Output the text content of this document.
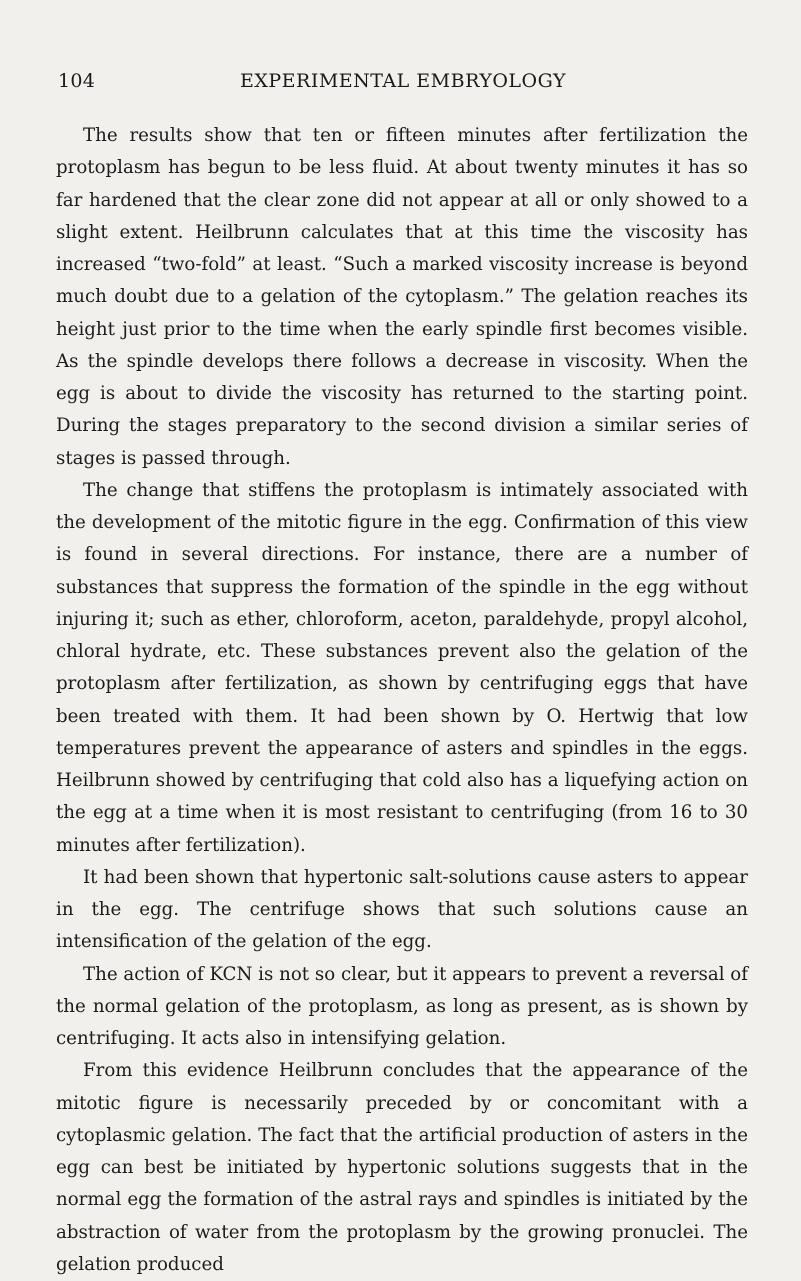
104	EXPERIMENTAL EMBRYOLOGY

The results show that ten or fifteen minutes after fertilization the protoplasm has begun to be less fluid. At about twenty minutes it has so far hardened that the clear zone did not appear at all or only showed to a slight extent. Heilbrunn calculates that at this time the viscosity has increased “two-fold” at least. “Such a marked viscosity increase is beyond much doubt due to a gelation of the cytoplasm.” The gelation reaches its height just prior to the time when the early spindle first becomes visible. As the spindle develops there follows a decrease in viscosity. When the egg is about to divide the viscosity has returned to the starting point. During the stages preparatory to the second division a similar series of stages is passed through.

The change that stiffens the protoplasm is intimately associated with the development of the mitotic figure in the egg. Confirmation of this view is found in several directions. For instance, there are a number of substances that suppress the formation of the spindle in the egg without injuring it; such as ether, chloroform, aceton, paraldehyde, propyl alcohol, chloral hydrate, etc. These substances prevent also the gelation of the protoplasm after fertilization, as shown by centrifuging eggs that have been treated with them. It had been shown by O. Hertwig that low temperatures prevent the appearance of asters and spindles in the eggs. Heilbrunn showed by centrifuging that cold also has a liquefying action on the egg at a time when it is most resistant to centrifuging (from 16 to 30 minutes after fertilization).

It had been shown that hypertonic salt-solutions cause asters to appear in the egg. The centrifuge shows that such solutions cause an intensification of the gelation of the egg.

The action of KCN is not so clear, but it appears to prevent a reversal of the normal gelation of the protoplasm, as long as present, as is shown by centrifuging. It acts also in intensifying gelation.

From this evidence Heilbrunn concludes that the appearance of the mitotic figure is necessarily preceded by or concomitant with a cytoplasmic gelation. The fact that the artificial production of asters in the egg can best be initiated by hypertonic solutions suggests that in the normal egg the formation of the astral rays and spindles is initiated by the abstraction of water from the protoplasm by the growing pronuclei. The gelation produced
